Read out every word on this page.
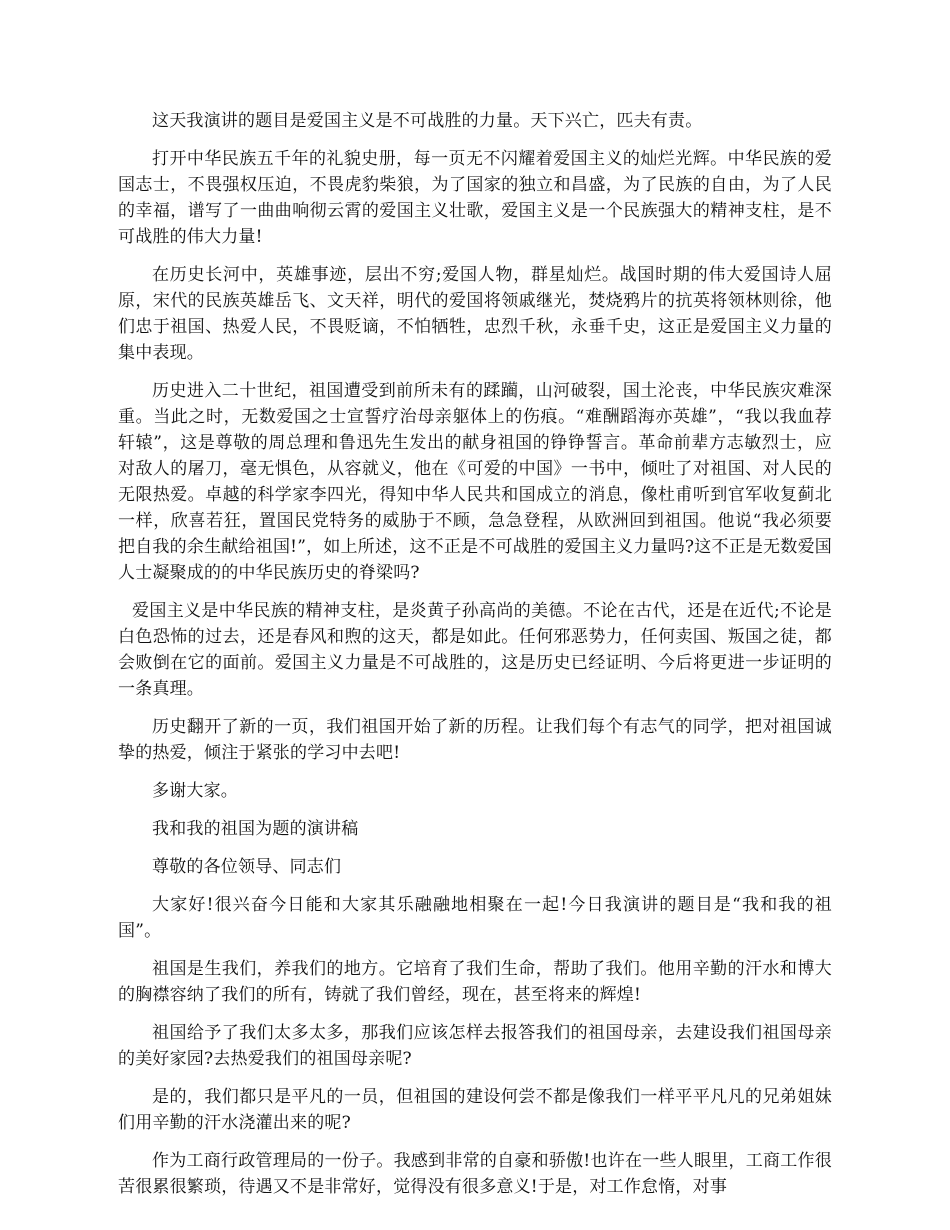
这天我演讲的题目是爱国主义是不可战胜的力量。天下兴亡，匹夫有责。

打开中华民族五千年的礼貌史册，每一页无不闪耀着爱国主义的灿烂光辉。中华民族的爱国志士，不畏强权压迫，不畏虎豹柴狼，为了国家的独立和昌盛，为了民族的自由，为了人民的幸福，谱写了一曲曲响彻云霄的爱国主义壮歌，爱国主义是一个民族强大的精神支柱，是不可战胜的伟大力量!

在历史长河中，英雄事迹，层出不穷;爱国人物，群星灿烂。战国时期的伟大爱国诗人屈原，宋代的民族英雄岳飞、文天祥，明代的爱国将领戚继光，焚烧鸦片的抗英将领林则徐，他们忠于祖国、热爱人民，不畏贬谪，不怕牺牲，忠烈千秋，永垂千史，这正是爱国主义力量的集中表现。

历史进入二十世纪，祖国遭受到前所未有的蹂躏，山河破裂，国土沦丧，中华民族灾难深重。当此之时，无数爱国之士宣誓疗治母亲躯体上的伤痕。“难酬蹈海亦英雄”，“我以我血荐轩辕”，这是尊敬的周总理和鲁迅先生发出的献身祖国的铮铮誓言。革命前辈方志敏烈士，应对敌人的屠刀，毫无惧色，从容就义，他在《可爱的中国》一书中，倾吐了对祖国、对人民的无限热爱。卓越的科学家李四光，得知中华人民共和国成立的消息，像杜甫听到官军收复蓟北一样，欣喜若狂，置国民党特务的威胁于不顾，急急登程，从欧洲回到祖国。他说“我必须要把自我的余生献给祖国!”，如上所述，这不正是不可战胜的爱国主义力量吗?这不正是无数爱国人士凝聚成的的中华民族历史的脊梁吗?

爱国主义是中华民族的精神支柱，是炎黄子孙高尚的美德。不论在古代，还是在近代;不论是白色恐怖的过去，还是春风和煦的这天，都是如此。任何邪恶势力，任何卖国、叛国之徒，都会败倒在它的面前。爱国主义力量是不可战胜的，这是历史已经证明、今后将更进一步证明的一条真理。

历史翻开了新的一页，我们祖国开始了新的历程。让我们每个有志气的同学，把对祖国诚挚的热爱，倾注于紧张的学习中去吧!

多谢大家。

我和我的祖国为题的演讲稿

尊敬的各位领导、同志们

大家好!很兴奋今日能和大家其乐融融地相聚在一起!今日我演讲的题目是“我和我的祖国”。

祖国是生我们，养我们的地方。它培育了我们生命，帮助了我们。他用辛勤的汗水和博大的胸襟容纳了我们的所有，铸就了我们曾经，现在，甚至将来的辉煌!

祖国给予了我们太多太多，那我们应该怎样去报答我们的祖国母亲，去建设我们祖国母亲的美好家园?去热爱我们的祖国母亲呢?

是的，我们都只是平凡的一员，但祖国的建设何尝不都是像我们一样平平凡凡的兄弟姐妹们用辛勤的汗水浇灌出来的呢?

作为工商行政管理局的一份子。我感到非常的自豪和骄傲!也许在一些人眼里，工商工作很苦很累很繁琐，待遇又不是非常好，觉得没有很多意义!于是，对工作怠惰，对事
